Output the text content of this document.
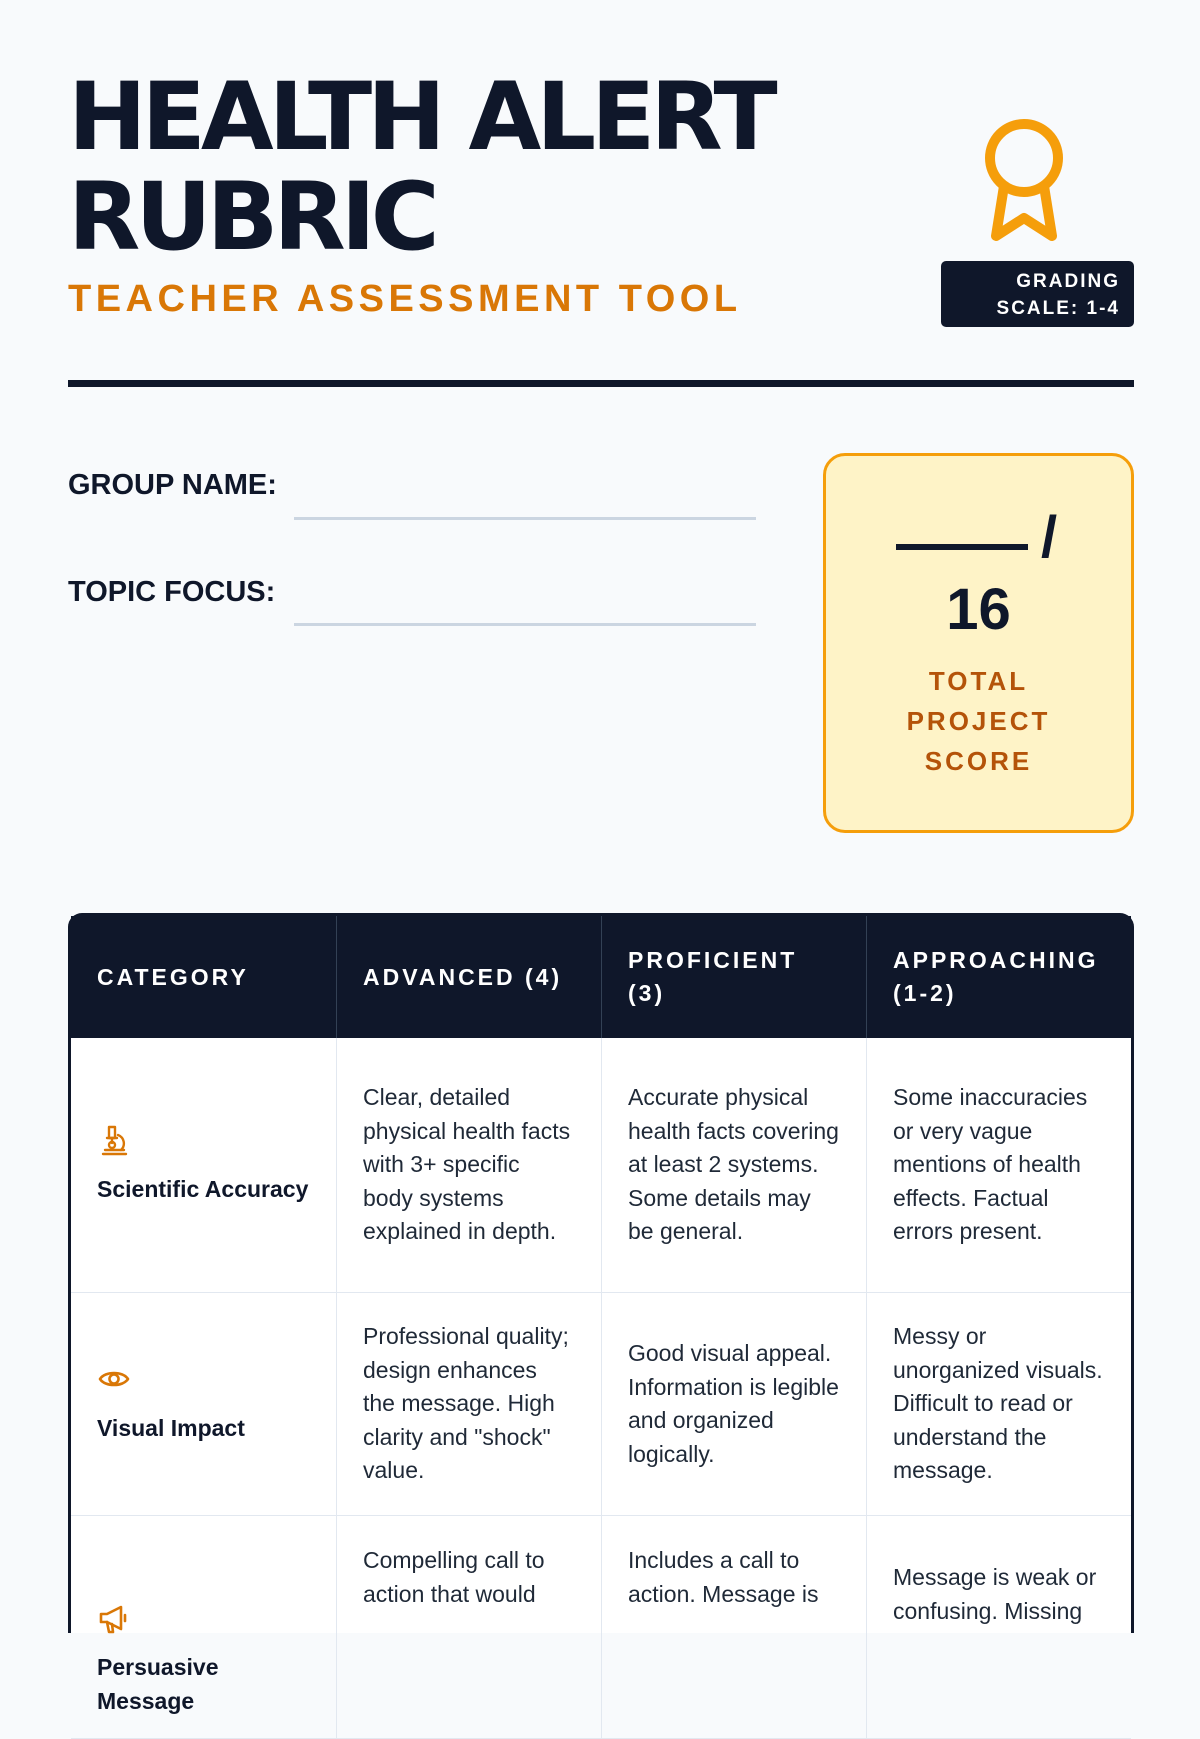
HEALTH ALERT RUBRIC
TEACHER ASSESSMENT TOOL	GRADING
SCALE: 1-4
GROUP NAME:
TOPIC FOCUS:
/
16
TOTAL PROJECT SCORE
CATEGORY	ADVANCED (4)
PROFICIENT (3)
APPROACHING (1-2)
Scientific Accuracy
Clear, detailed physical health facts with 3+ specific body systems explained in depth.
Accurate physical health facts covering at least 2 systems. Some details may be general.
Some inaccuracies or very vague mentions of health effects. Factual errors present.
Visual Impact
Professional quality; design enhances the message. High clarity and "shock" value.
Good visual appeal. Information is legible and organized logically.
Messy or unorganized visuals. Difficult to read or understand the message.
Persuasive Message
Compelling call to action that would
Includes a call to action. Message is
Message is weak or confusing. Missing
